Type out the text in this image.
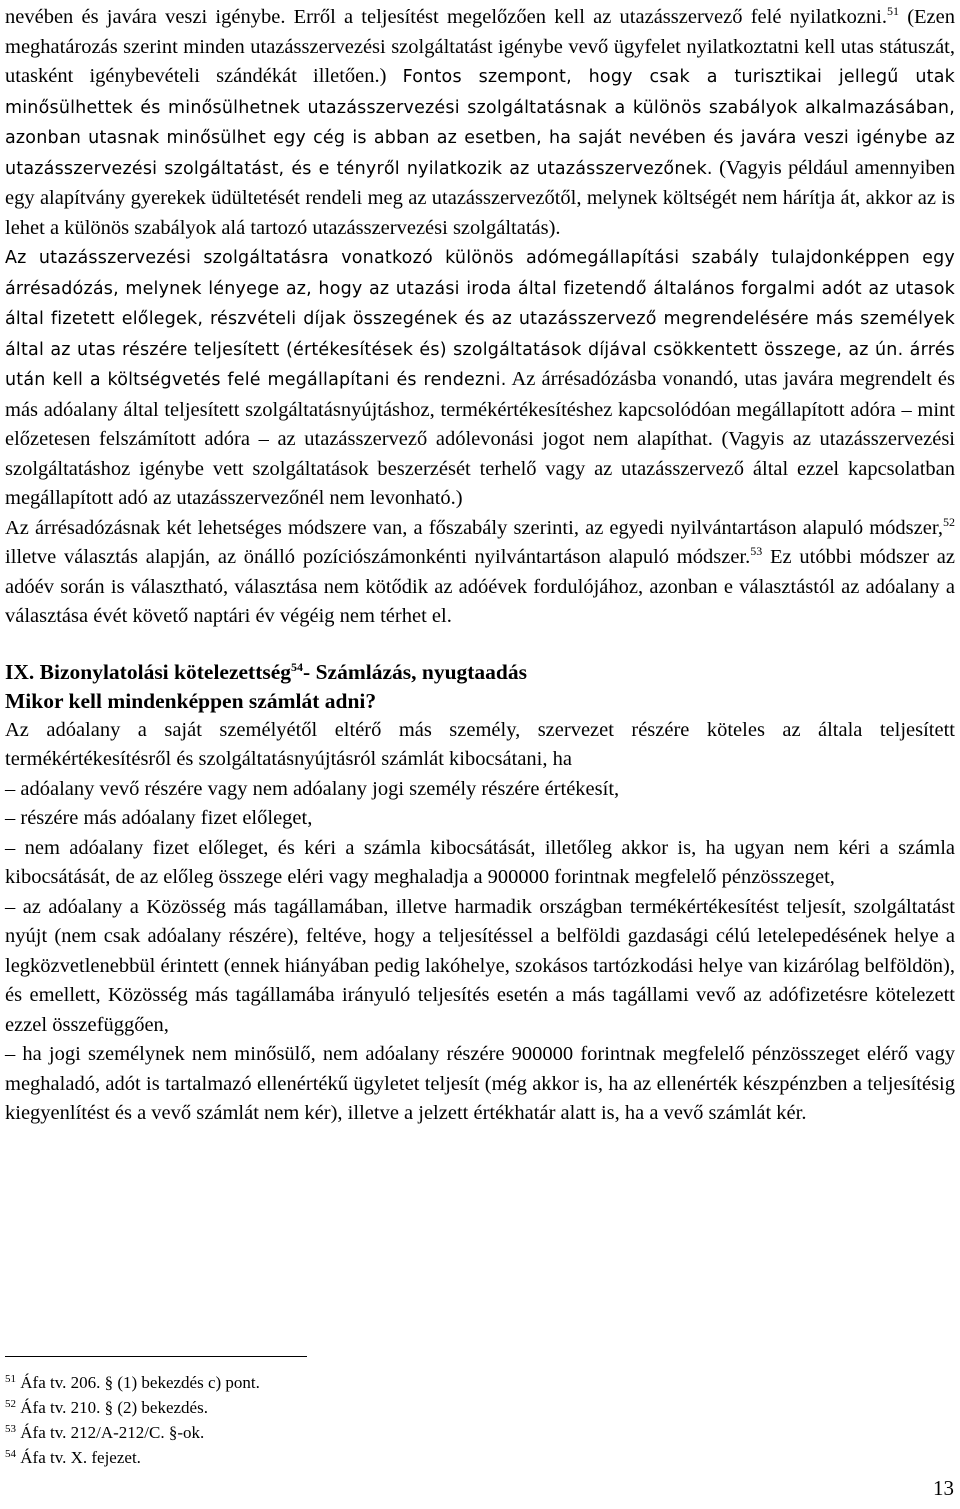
nevében és javára veszi igénybe. Erről a teljesítést megelőzően kell az utazásszervező felé nyilatkozni.$^{51}$ (Ezen meghatározás szerint minden utazásszervezési szolgáltatást igénybe vevő ügyfelet nyilatkoztatni kell utas státuszát, utasként igénybevételi szándékát illetően.) Fontos szempont, hogy csak a turisztikai jellegű utak minősülhettek és minősülhetnek utazásszervezési szolgáltatásnak a különös szabályok alkalmazásában, azonban utasnak minősülhet egy cég is abban az esetben, ha saját nevében és javára veszi igénybe az utazásszervezési szolgáltatást, és e tényről nyilatkozik az utazásszervezőnek. (Vagyis például amennyiben egy alapítvány gyerekek üdültetését rendeli meg az utazásszervezőtől, melynek költségét nem hárítja át, akkor az is lehet a különös szabályok alá tartozó utazásszervezési szolgáltatás).

Az utazásszervezési szolgáltatásra vonatkozó különös adómegállapítási szabály tulajdonképpen egy árrésadózás, melynek lényege az, hogy az utazási iroda által fizetendő általános forgalmi adót az utasok által fizetett előlegek, részvételi díjak összegének és az utazásszervező megrendelésére más személyek által az utas részére teljesített (értékesítések és) szolgáltatások díjával csökkentett összege, az ún. árrés után kell a költségvetés felé megállapítani és rendezni. Az árrésadózásba vonandó, utas javára megrendelt és más adóalany által teljesített szolgáltatásnyújtáshoz, termékértékesítéshez kapcsolódóan megállapított adóra – mint előzetesen felszámított adóra – az utazásszervező adólevonási jogot nem alapíthat. (Vagyis az utazásszervezési szolgáltatáshoz igénybe vett szolgáltatások beszerzését terhelő vagy az utazásszervező által ezzel kapcsolatban megállapított adó az utazásszervezőnél nem levonható.)

Az árrésadózásnak két lehetséges módszere van, a főszabály szerinti, az egyedi nyilvántartáson alapuló módszer,$^{52}$ illetve választás alapján, az önálló pozíciószámonkénti nyilvántartáson alapuló módszer.$^{53}$ Ez utóbbi módszer az adóév során is választható, választása nem kötődik az adóévek fordulójához, azonban e választástól az adóalany a választása évét követő naptári év végéig nem térhet el.

IX. Bizonylatolási kötelezettség$^{54}$- Számlázás, nyugtaadás
Mikor kell mindenképpen számlát adni?

Az adóalany a saját személyétől eltérő más személy, szervezet részére köteles az általa teljesített termékértékesítésről és szolgáltatásnyújtásról számlát kibocsátani, ha

– adóalany vevő részére vagy nem adóalany jogi személy részére értékesít,

– részére más adóalany fizet előleget,

– nem adóalany fizet előleget, és kéri a számla kibocsátását, illetőleg akkor is, ha ugyan nem kéri a számla kibocsátását, de az előleg összege eléri vagy meghaladja a 900000 forintnak megfelelő pénzösszeget,

– az adóalany a Közösség más tagállamában, illetve harmadik országban termékértékesítést teljesít, szolgáltatást nyújt (nem csak adóalany részére), feltéve, hogy a teljesítéssel a belföldi gazdasági célú letelepedésének helye a legközvetlenebbül érintett (ennek hiányában pedig lakóhelye, szokásos tartózkodási helye van kizárólag belföldön), és emellett, Közösség más tagállamába irányuló teljesítés esetén a más tagállami vevő az adófizetésre kötelezett ezzel összefüggően,

– ha jogi személynek nem minősülő, nem adóalany részére 900000 forintnak megfelelő pénzösszeget elérő vagy meghaladó, adót is tartalmazó ellenértékű ügyletet teljesít (még akkor is, ha az ellenérték készpénzben a teljesítésig kiegyenlítést és a vevő számlát nem kér), illetve a jelzett értékhatár alatt is, ha a vevő számlát kér.

$^{51}$ Áfa tv. 206. § (1) bekezdés c) pont.
$^{52}$ Áfa tv. 210. § (2) bekezdés.
$^{53}$ Áfa tv. 212/A-212/C. §-ok.
$^{54}$ Áfa tv. X. fejezet.
13
